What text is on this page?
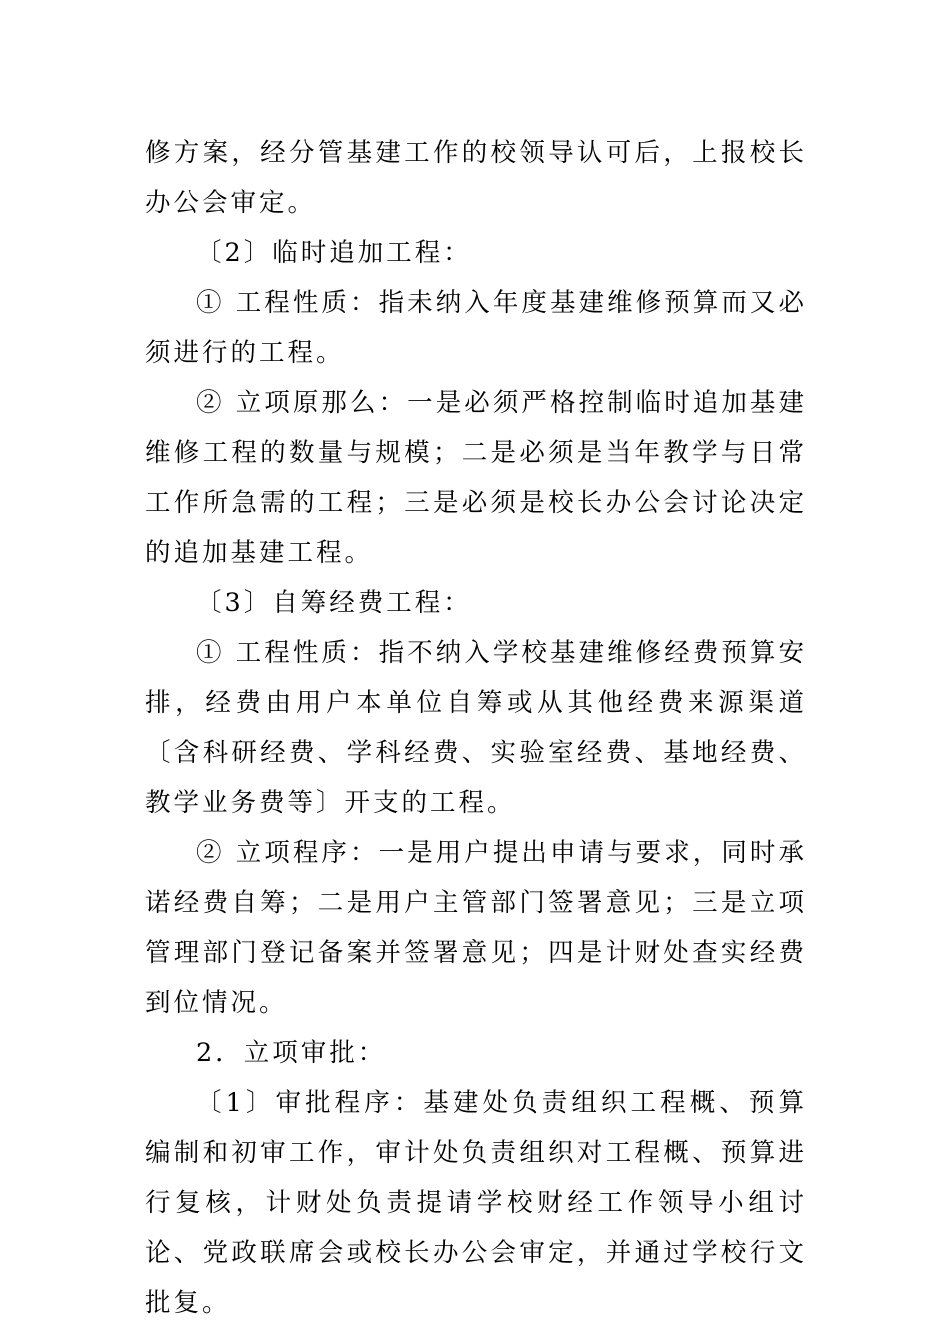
修方案，经分管基建工作的校领导认可后，上报校长办公会审定。

〔2〕临时追加工程：

① 工程性质：指未纳入年度基建维修预算而又必须进行的工程。

② 立项原那么：一是必须严格控制临时追加基建维修工程的数量与规模；二是必须是当年教学与日常工作所急需的工程；三是必须是校长办公会讨论决定的追加基建工程。

〔3〕自筹经费工程：

① 工程性质：指不纳入学校基建维修经费预算安排，经费由用户本单位自筹或从其他经费来源渠道〔含科研经费、学科经费、实验室经费、基地经费、教学业务费等〕开支的工程。

② 立项程序：一是用户提出申请与要求，同时承诺经费自筹；二是用户主管部门签署意见；三是立项管理部门登记备案并签署意见；四是计财处查实经费到位情况。

2．立项审批：

〔1〕审批程序：基建处负责组织工程概、预算编制和初审工作，审计处负责组织对工程概、预算进行复核，计财处负责提请学校财经工作领导小组讨论、党政联席会或校长办公会审定，并通过学校行文批复。
